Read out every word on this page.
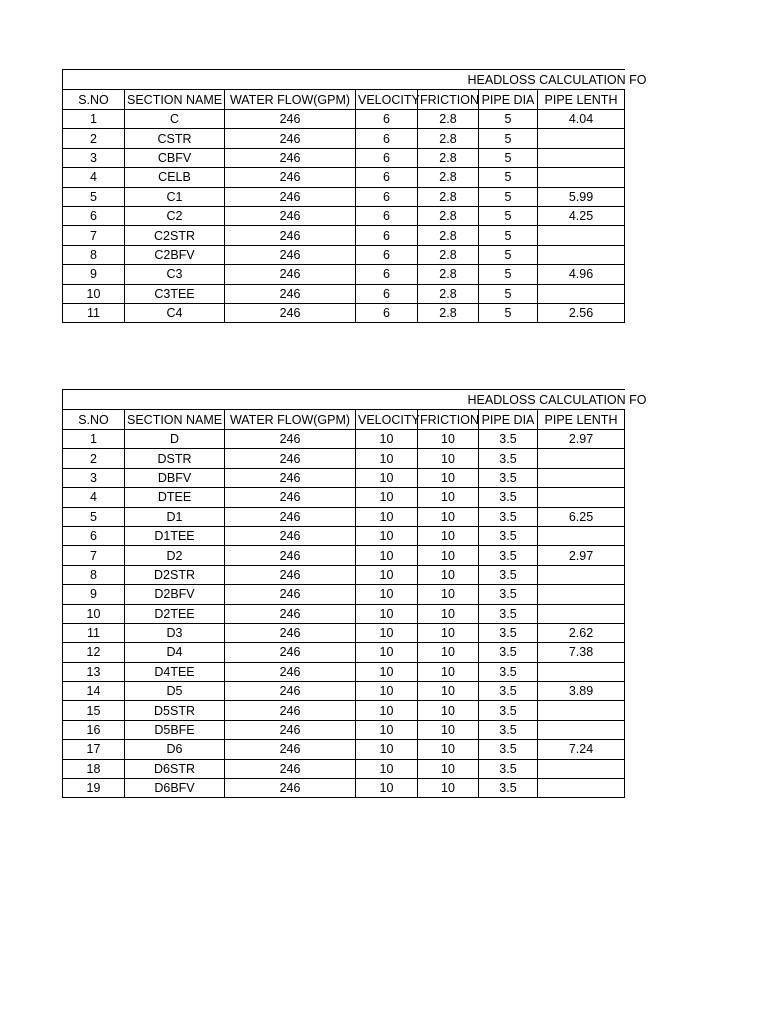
HEADLOSS CALCULATION FO						
S.NO	SECTION NAME	WATER FLOW(GPM)	VELOCITY	FRICTION	PIPE DIA	PIPE LENTH
1	C	246	6	2.8	5	4.04
2	CSTR	246	6	2.8	5	
3	CBFV	246	6	2.8	5	
4	CELB	246	6	2.8	5	
5	C1	246	6	2.8	5	5.99
6	C2	246	6	2.8	5	4.25
7	C2STR	246	6	2.8	5	
8	C2BFV	246	6	2.8	5	
9	C3	246	6	2.8	5	4.96
10	C3TEE	246	6	2.8	5	
11	C4	246	6	2.8	5	2.56
HEADLOSS CALCULATION FO						
S.NO	SECTION NAME	WATER FLOW(GPM)	VELOCITY	FRICTION	PIPE DIA	PIPE LENTH
1	D	246	10	10	3.5	2.97
2	DSTR	246	10	10	3.5	
3	DBFV	246	10	10	3.5	
4	DTEE	246	10	10	3.5	
5	D1	246	10	10	3.5	6.25
6	D1TEE	246	10	10	3.5	
7	D2	246	10	10	3.5	2.97
8	D2STR	246	10	10	3.5	
9	D2BFV	246	10	10	3.5	
10	D2TEE	246	10	10	3.5	
11	D3	246	10	10	3.5	2.62
12	D4	246	10	10	3.5	7.38
13	D4TEE	246	10	10	3.5	
14	D5	246	10	10	3.5	3.89
15	D5STR	246	10	10	3.5	
16	D5BFE	246	10	10	3.5	
17	D6	246	10	10	3.5	7.24
18	D6STR	246	10	10	3.5	
19	D6BFV	246	10	10	3.5	
